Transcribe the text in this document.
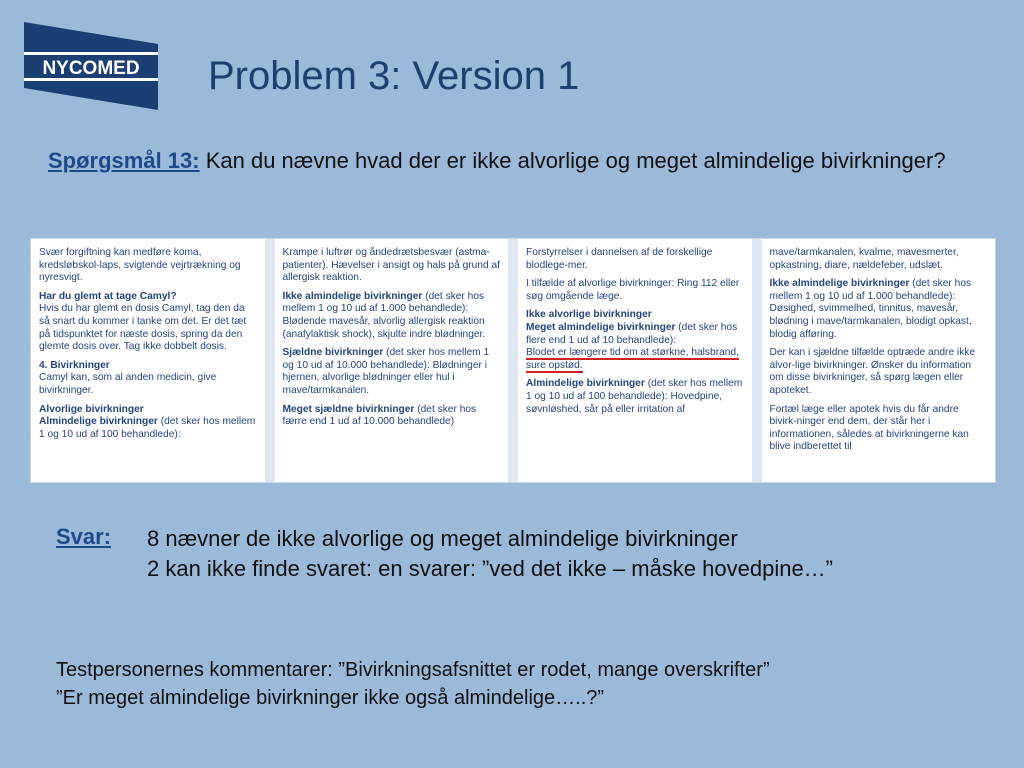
NYCOMED Problem 3: Version 1
Spørgsmål 13: Kan du nævne hvad der er ikke alvorlige og meget almindelige bivirkninger?

Svær forgiftning kan medføre koma, kredsløbskol-laps, svigtende vejrtrækning og nyresvigt.

Har du glemt at tage Camyl?
Hvis du har glemt en dosis Camyl, tag den da så snart du kommer i tanke om det. Er det tæt på tidspunktet for næste dosis, spring da den glemte dosis over. Tag ikke dobbelt dosis.

4. Bivirkninger
Camyl kan, som al anden medicin, give bivirkninger.

Alvorlige bivirkninger
Almindelige bivirkninger (det sker hos mellem 1 og 10 ud af 100 behandlede):

Krampe i luftrør og åndedrætsbesvær (astma-patienter). Hævelser i ansigt og hals på grund af allergisk reaktion.

Ikke almindelige bivirkninger (det sker hos mellem 1 og 10 ud af 1.000 behandlede): Blødende mavesår, alvorlig allergisk reaktion (anafylaktisk shock), skjulte indre blødninger.

Sjældne bivirkninger (det sker hos mellem 1 og 10 ud af 10.000 behandlede): Blødninger i hjernen, alvorlige blødninger eller hul i mave/tarmkanalen.

Meget sjældne bivirkninger (det sker hos færre end 1 ud af 10.000 behandlede)

Forstyrrelser i dannelsen af de forskellige blodlege-mer.

I tilfælde af alvorlige bivirkninger: Ring 112 eller søg omgående læge.

Ikke alvorlige bivirkninger
Meget almindelige bivirkninger (det sker hos flere end 1 ud af 10 behandlede):
Blodet er længere tid om at størkne, halsbrand, sure opstød.

Almindelige bivirkninger (det sker hos mellem 1 og 10 ud af 100 behandlede): Hovedpine, søvnløshed, sår på eller irritation af

mave/tarmkanalen, kvalme, mavesmerter, opkastning, diare, nældefeber, udslæt.

Ikke almindelige bivirkninger (det sker hos mellem 1 og 10 ud af 1.000 behandlede): Døsighed, svimmelhed, tinnitus, mavesår, blødning i mave/tarmkanalen, blodigt opkast, blodig afføring.

Der kan i sjældne tilfælde optræde andre ikke alvor-lige bivirkninger. Ønsker du information om disse bivirkninger, så spørg lægen eller apoteket.

Fortæl læge eller apotek hvis du får andre bivirk-ninger end dem, der står her i informationen, således at bivirkningerne kan blive indberettet til

Svar: 8 nævner de ikke alvorlige og meget almindelige bivirkninger
2 kan ikke finde svaret: en svarer: ”ved det ikke – måske hovedpine…”
Testpersonernes kommentarer: ”Bivirkningsafsnittet er rodet, mange overskrifter”
”Er meget almindelige bivirkninger ikke også almindelige…..?”
